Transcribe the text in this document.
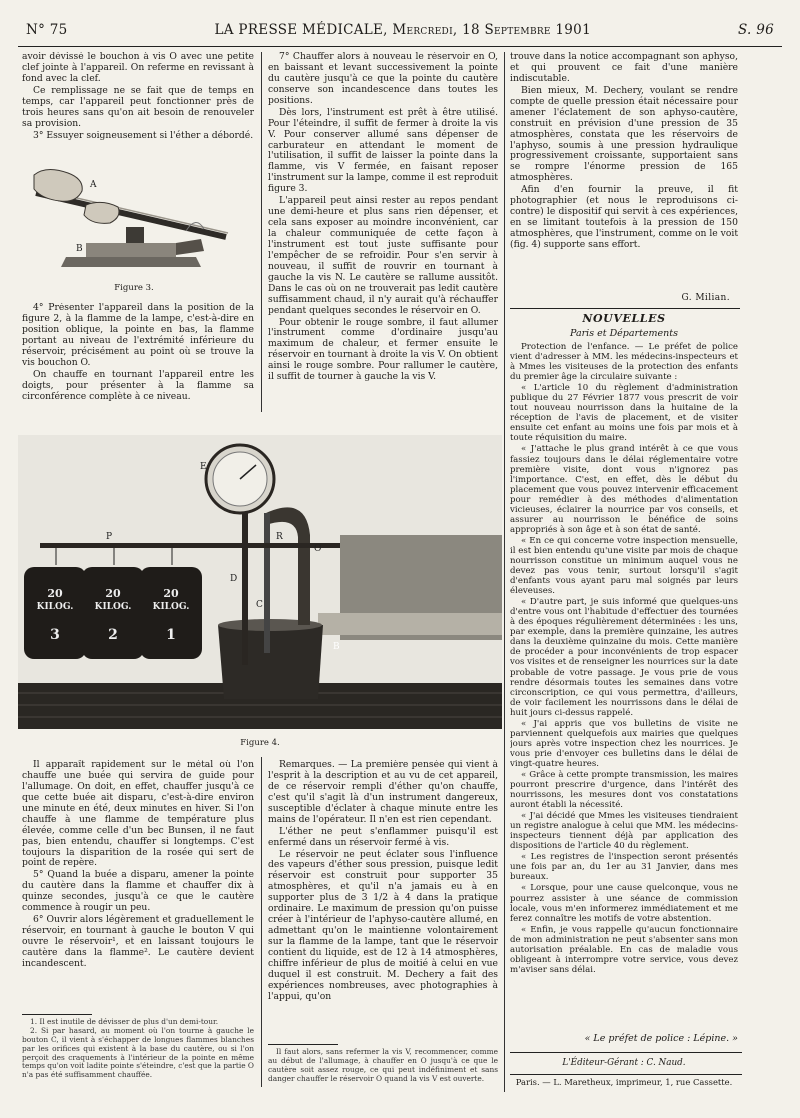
N° 75	LA PRESSE MÉDICALE, Mercredi, 18 Septembre 1901	S. 96

avoir dévissé le bouchon à vis O avec une petite clef jointe à l'appareil. On referme en revissant à fond avec la clef.

Ce remplissage ne se fait que de temps en temps, car l'appareil peut fonctionner près de trois heures sans qu'on ait besoin de renouveler sa provision.

3° Essuyer soigneusement si l'éther a débordé.

A
B
Figure 3.

4° Présenter l'appareil dans la position de la figure 2, à la flamme de la lampe, c'est-à-dire en position oblique, la pointe en bas, la flamme portant au niveau de l'extrémité inférieure du réservoir, précisément au point où se trouve la vis bouchon O.

On chauffe en tournant l'appareil entre les doigts, pour présenter à la flamme sa circonférence complète à ce niveau.

7° Chauffer alors à nouveau le réservoir en O, en baissant et levant successivement la pointe du cautère jusqu'à ce que la pointe du cautère conserve son incandescence dans toutes les positions.

Dès lors, l'instrument est prêt à être utilisé. Pour l'éteindre, il suffit de fermer à droite la vis V. Pour conserver allumé sans dépenser de carburateur en attendant le moment de l'utilisation, il suffit de laisser la pointe dans la flamme, vis V fermée, en faisant reposer l'instrument sur la lampe, comme il est reproduit figure 3.

L'appareil peut ainsi rester au repos pendant une demi-heure et plus sans rien dépenser, et cela sans exposer au moindre inconvénient, car la chaleur communiquée de cette façon à l'instrument est tout juste suffisante pour l'empêcher de se refroidir. Pour s'en servir à nouveau, il suffit de rouvrir en tournant à gauche la vis N. Le cautère se rallume aussitôt. Dans le cas où on ne trouverait pas ledit cautère suffisamment chaud, il n'y aurait qu'à réchauffer pendant quelques secondes le réservoir en O.

Pour obtenir le rouge sombre, il faut allumer l'instrument comme d'ordinaire jusqu'au maximum de chaleur, et fermer ensuite le réservoir en tournant à droite la vis V. On obtient ainsi le rouge sombre. Pour rallumer le cautère, il suffit de tourner à gauche la vis V.

trouve dans la notice accompagnant son aphyso, et qui prouvent ce fait d'une manière indiscutable.

Bien mieux, M. Dechery, voulant se rendre compte de quelle pression était nécessaire pour amener l'éclatement de son aphyso-cautère, construit en prévision d'une pression de 35 atmosphères, constata que les réservoirs de l'aphyso, soumis à une pression hydraulique progressivement croissante, supportaient sans se rompre l'énorme pression de 165 atmosphères.

Afin d'en fournir la preuve, il fit photographier (et nous le reproduisons ci-contre) le dispositif qui servit à ces expériences, en se limitant toutefois à la pression de 150 atmosphères, que l'instrument, comme on le voit (fig. 4) supporte sans effort.

G. Milian.
NOUVELLES
Paris et Départements

Protection de l'enfance. — Le préfet de police vient d'adresser à MM. les médecins-inspecteurs et à Mmes les visiteuses de la protection des enfants du premier âge la circulaire suivante :

« L'article 10 du règlement d'administration publique du 27 Février 1877 vous prescrit de voir tout nouveau nourrisson dans la huitaine de la réception de l'avis de placement, et de visiter ensuite cet enfant au moins une fois par mois et à toute réquisition du maire.

« J'attache le plus grand intérêt à ce que vous fassiez toujours dans le délai réglementaire votre première visite, dont vous n'ignorez pas l'importance. C'est, en effet, dès le début du placement que vous pouvez intervenir efficacement pour remédier à des méthodes d'alimentation vicieuses, éclairer la nourrice par vos conseils, et assurer au nourrisson le bénéfice de soins appropriés à son âge et à son état de santé.

« En ce qui concerne votre inspection mensuelle, il est bien entendu qu'une visite par mois de chaque nourrisson constitue un minimum auquel vous ne devez pas vous tenir, surtout lorsqu'il s'agit d'enfants vous ayant paru mal soignés par leurs éleveuses.

« D'autre part, je suis informé que quelques-uns d'entre vous ont l'habitude d'effectuer des tournées à des époques régulièrement déterminées : les uns, par exemple, dans la première quinzaine, les autres dans la deuxième quinzaine du mois. Cette manière de procéder a pour inconvénients de trop espacer vos visites et de renseigner les nourrices sur la date probable de votre passage. Je vous prie de vous rendre désormais toutes les semaines dans votre circonscription, ce qui vous permettra, d'ailleurs, de voir facilement les nourrissons dans le délai de huit jours ci-dessus rappelé.

« J'ai appris que vos bulletins de visite ne parviennent quelquefois aux mairies que quelques jours après votre inspection chez les nourrices. Je vous prie d'envoyer ces bulletins dans le délai de vingt-quatre heures.

« Grâce à cette prompte transmission, les maires pourront prescrire d'urgence, dans l'intérêt des nourrissons, les mesures dont vos constatations auront établi la nécessité.

« J'ai décidé que Mmes les visiteuses tiendraient un registre analogue à celui que MM. les médecins-inspecteurs tiennent déjà par application des dispositions de l'article 40 du règlement.

« Les registres de l'inspection seront présentés une fois par an, du 1er au 31 Janvier, dans mes bureaux.

« Lorsque, pour une cause quelconque, vous ne pourrez assister à une séance de commission locale, vous m'en informerez immédiatement et me ferez connaître les motifs de votre abstention.

« Enfin, je vous rappelle qu'aucun fonctionnaire de mon administration ne peut s'absenter sans mon autorisation préalable. En cas de maladie vous obligeant à interrompre votre service, vous devez m'aviser sans délai.

« Le préfet de police : Lépine. »
L'Éditeur-Gérant : C. Naud.
Paris. — L. Maretheux, imprimeur, 1, rue Cassette.
B
P
E
R
D
C
O
20
KILOG.
3
20
KILOG.
2
20
KILOG.
1
Figure 4.

Il apparaît rapidement sur le métal où l'on chauffe une buée qui servira de guide pour l'allumage. On doit, en effet, chauffer jusqu'à ce que cette buée ait disparu, c'est-à-dire environ une minute en été, deux minutes en hiver. Si l'on chauffe à une flamme de température plus élevée, comme celle d'un bec Bunsen, il ne faut pas, bien entendu, chauffer si longtemps. C'est toujours la disparition de la rosée qui sert de point de repère.

5° Quand la buée a disparu, amener la pointe du cautère dans la flamme et chauffer dix à quinze secondes, jusqu'à ce que le cautère commence à rougir un peu.

6° Ouvrir alors légèrement et graduellement le réservoir, en tournant à gauche le bouton V qui ouvre le réservoir¹, et en laissant toujours le cautère dans la flamme². Le cautère devient incandescent.

1. Il est inutile de dévisser de plus d'un demi-tour.

2. Si par hasard, au moment où l'on tourne à gauche le bouton C, il vient à s'échapper de longues flammes blanches par les orifices qui existent à la base du cautère, ou si l'on perçoit des craquements à l'intérieur de la pointe en même temps qu'on voit ladite pointe s'éteindre, c'est que la partie O n'a pas été suffisamment chauffée.

Remarques. — La première pensée qui vient à l'esprit à la description et au vu de cet appareil, de ce réservoir rempli d'éther qu'on chauffe, c'est qu'il s'agit là d'un instrument dangereux, susceptible d'éclater à chaque minute entre les mains de l'opérateur. Il n'en est rien cependant.

L'éther ne peut s'enflammer puisqu'il est enfermé dans un réservoir fermé à vis.

Le réservoir ne peut éclater sous l'influence des vapeurs d'éther sous pression, puisque ledit réservoir est construit pour supporter 35 atmosphères, et qu'il n'a jamais eu à en supporter plus de 3 1/2 à 4 dans la pratique ordinaire. Le maximum de pression qu'on puisse créer à l'intérieur de l'aphyso-cautère allumé, en admettant qu'on le maintienne volontairement sur la flamme de la lampe, tant que le réservoir contient du liquide, est de 12 à 14 atmosphères, chiffre inférieur de plus de moitié à celui en vue duquel il est construit. M. Dechery a fait des expériences nombreuses, avec photographies à l'appui, qu'on

Il faut alors, sans refermer la vis V, recommencer, comme au début de l'allumage, à chauffer en O jusqu'à ce que le cautère soit assez rouge, ce qui peut indéfiniment et sans danger chauffer le réservoir O quand la vis V est ouverte.
